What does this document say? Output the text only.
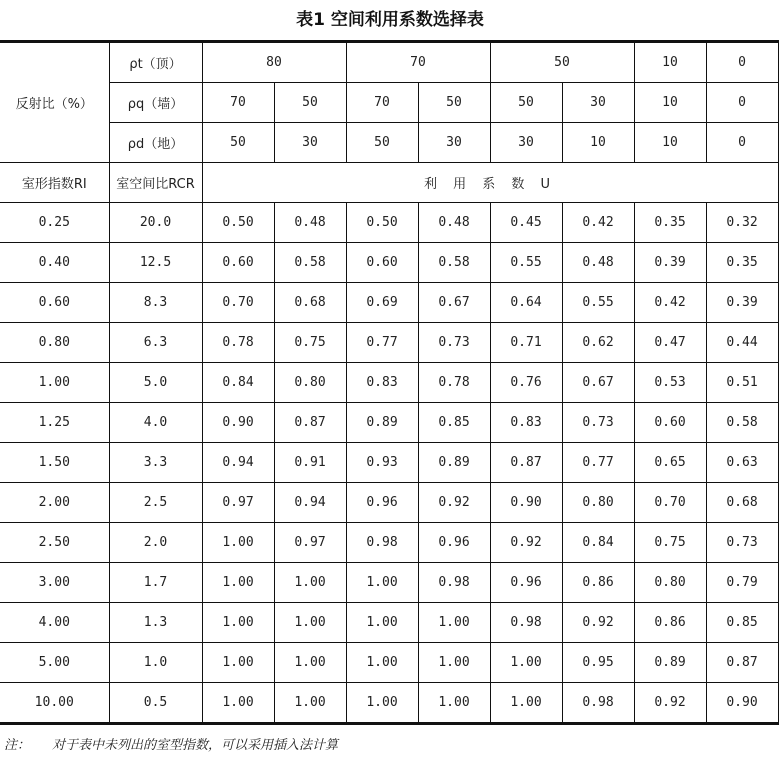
表1 空间利用系数选择表
反射比（%）	ρt（顶）	80		70		50		10	0
	ρq（墙）	70	50	70	50	50	30	10	0
	ρd（地）	50	30	50	30	30	10	10	0
室形指数RI	室空间比RCR	利 用 系 数 U							
0.25	20.0	0.50	0.48	0.50	0.48	0.45	0.42	0.35	0.32
0.40	12.5	0.60	0.58	0.60	0.58	0.55	0.48	0.39	0.35
0.60	8.3	0.70	0.68	0.69	0.67	0.64	0.55	0.42	0.39
0.80	6.3	0.78	0.75	0.77	0.73	0.71	0.62	0.47	0.44
1.00	5.0	0.84	0.80	0.83	0.78	0.76	0.67	0.53	0.51
1.25	4.0	0.90	0.87	0.89	0.85	0.83	0.73	0.60	0.58
1.50	3.3	0.94	0.91	0.93	0.89	0.87	0.77	0.65	0.63
2.00	2.5	0.97	0.94	0.96	0.92	0.90	0.80	0.70	0.68
2.50	2.0	1.00	0.97	0.98	0.96	0.92	0.84	0.75	0.73
3.00	1.7	1.00	1.00	1.00	0.98	0.96	0.86	0.80	0.79
4.00	1.3	1.00	1.00	1.00	1.00	0.98	0.92	0.86	0.85
5.00	1.0	1.00	1.00	1.00	1.00	1.00	0.95	0.89	0.87
10.00	0.5	1.00	1.00	1.00	1.00	1.00	0.98	0.92	0.90
注： 对于表中未列出的室型指数，可以采用插入法计算
